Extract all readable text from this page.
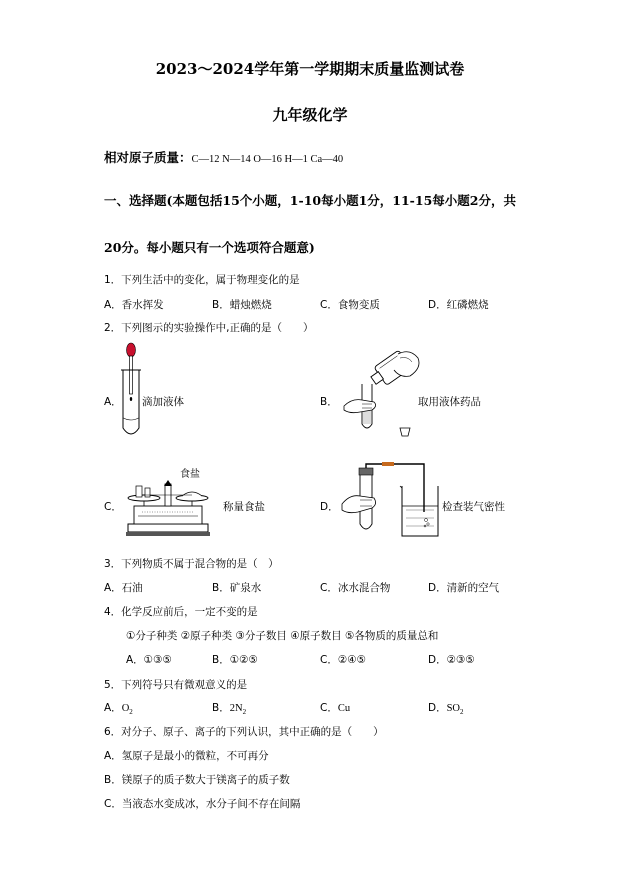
2023～2024学年第一学期期末质量监测试卷
九年级化学
相对原子质量：C—12 N—14 O—16 H—1 Ca—40
一、选择题(本题包括15个小题，1-10每小题1分，11-15每小题2分，共
20分。每小题只有一个选项符合题意)
1．下列生活中的变化，属于物理变化的是
A．香水挥发	B．蜡烛燃烧	C．食物变质	D．红磷燃烧
2．下列图示的实验操作中,正确的是（　　）
A． 滴加液体	B．	取用液体药品
C．
食盐
称量食盐	D．	检查装气密性
3．下列物质不属于混合物的是（　）
A．石油	B．矿泉水	C．冰水混合物	D．清新的空气
4．化学反应前后，一定不变的是
①分子种类 ②原子种类 ③分子数目 ④原子数目 ⑤各物质的质量总和
A．①③⑤	B．①②⑤	C．②④⑤	D．②③⑤
5．下列符号只有微观意义的是
A．$O_2$	B．$2N_2$	C．Cu	D．$SO_2$
6．对分子、原子、离子的下列认识，其中正确的是（　　）
A．氢原子是最小的微粒，不可再分
B．镁原子的质子数大于镁离子的质子数
C．当液态水变成冰，水分子间不存在间隔
